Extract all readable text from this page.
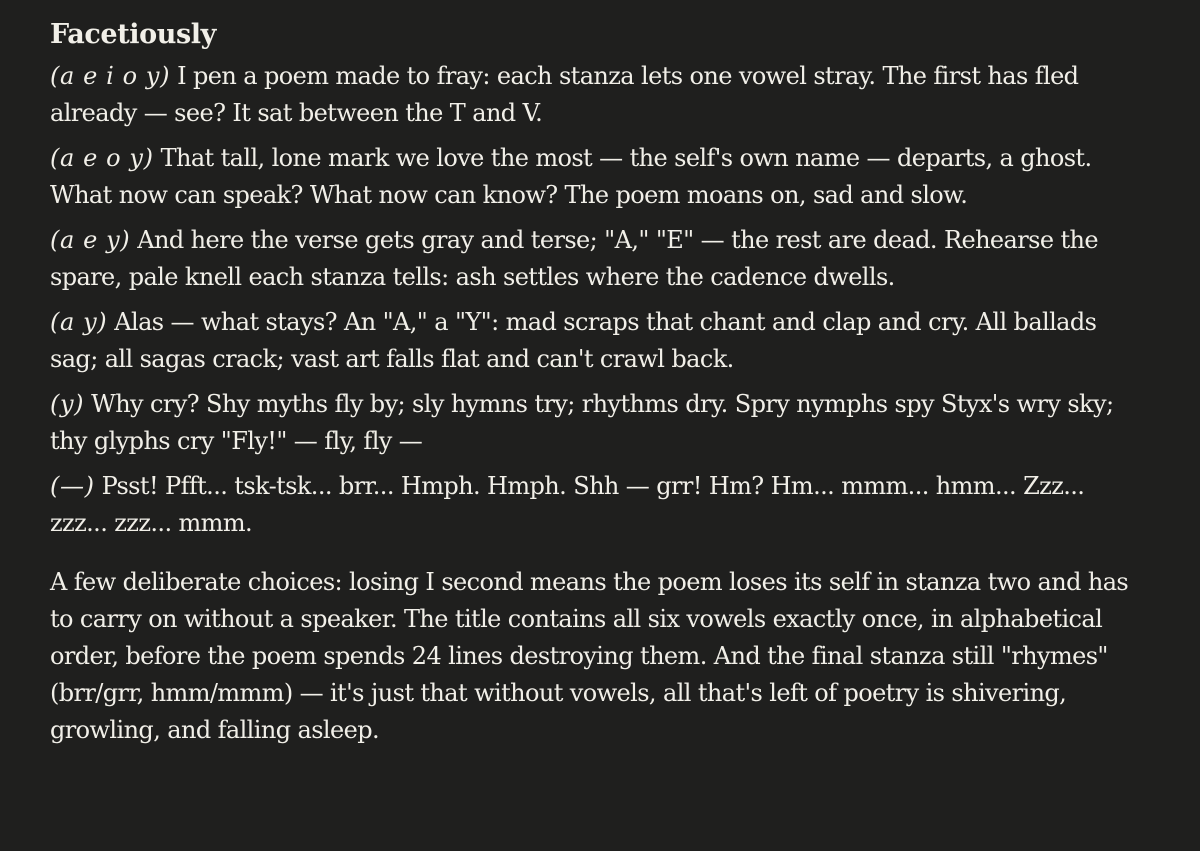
Facetiously

(a e i o y) I pen a poem made to fray: each stanza lets one vowel stray. The first has fled already — see? It sat between the T and V.

(a e o y) That tall, lone mark we love the most — the self's own name — departs, a ghost. What now can speak? What now can know? The poem moans on, sad and slow.

(a e y) And here the verse gets gray and terse; "A," "E" — the rest are dead. Rehearse the spare, pale knell each stanza tells: ash settles where the cadence dwells.

(a y) Alas — what stays? An "A," a "Y": mad scraps that chant and clap and cry. All ballads sag; all sagas crack; vast art falls flat and can't crawl back.

(y) Why cry? Shy myths fly by; sly hymns try; rhythms dry. Spry nymphs spy Styx's wry sky; thy glyphs cry "Fly!" — fly, fly —

(—) Psst! Pfft... tsk-tsk... brr... Hmph. Hmph. Shh — grr! Hm? Hm... mmm... hmm... Zzz... zzz... zzz... mmm.

A few deliberate choices: losing I second means the poem loses its self in stanza two and has to carry on without a speaker. The title contains all six vowels exactly once, in alphabetical order, before the poem spends 24 lines destroying them. And the final stanza still "rhymes" (brr/grr, hmm/mmm) — it's just that without vowels, all that's left of poetry is shivering, growling, and falling asleep.
